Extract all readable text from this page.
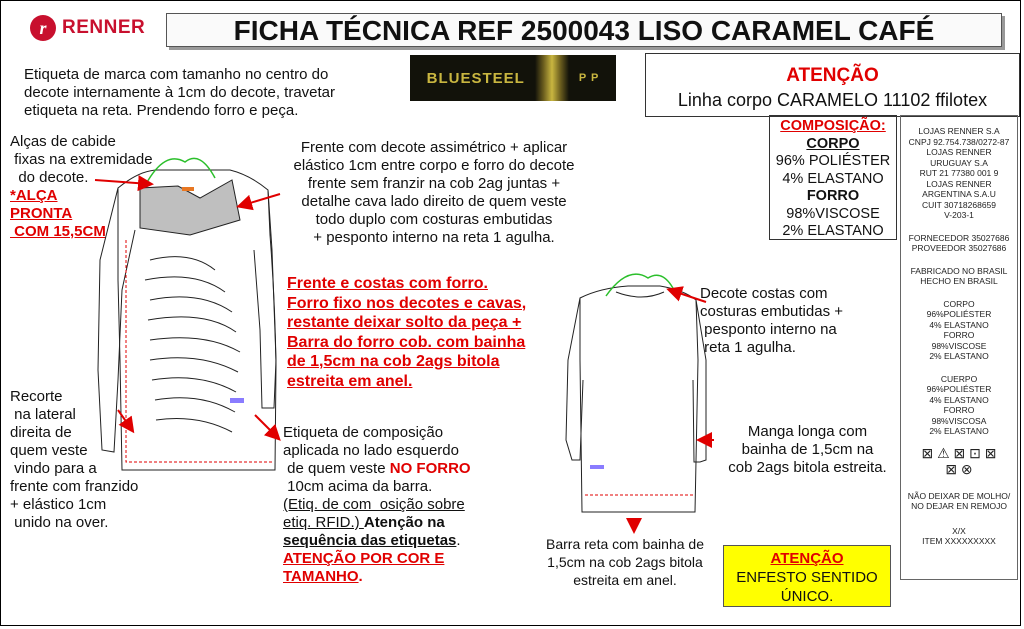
r RENNER	FICHA TÉCNICA REF 2500043 LISO CARAMEL CAFÉ
Etiqueta de marca com tamanho no centro do
decote internamente à 1cm do decote, travetar
etiqueta na reta. Prendendo forro e peça.
BLUESTEEL	P P	ATENÇÃO
Linha corpo CARAMELO 11102 ffilotex
COMPOSIÇÃO:
CORPO
96% POLIÉSTER
4% ELASTANO
FORRO
98%VISCOSE
2% ELASTANO
LOJAS RENNER S.A
CNPJ 92.754.738/0272-87
LOJAS RENNER
URUGUAY S.A
RUT 21 77380 001 9
LOJAS RENNER
ARGENTINA S.A.U
CUIT 30718268659
V-203-1
FORNECEDOR 35027686
PROVEEDOR 35027686
FABRICADO NO BRASIL
HECHO EN BRASIL
CORPO
96%POLIÉSTER
4% ELASTANO
FORRO
98%VISCOSE
2% ELASTANO
CUERPO
96%POLIÉSTER
4% ELASTANO
FORRO
98%VISCOSA
2% ELASTANO
⊠ ⚠ ⊠ ⊡ ⊠
⊠ ⊗
NÃO DEIXAR DE MOLHO/
NO DEJAR EN REMOJO
X/X
ITEM XXXXXXXXX
Alças de cabide
fixas na extremidade
do decote.
*ALÇA
PRONTA
COM 15,5CM
Frente com decote assimétrico + aplicar
elástico 1cm entre corpo e forro do decote
frente sem franzir na cob 2ag juntas +
detalhe cava lado direito de quem veste
todo duplo com costuras embutidas
+ pesponto interno na reta 1 agulha.
Frente e costas com forro.
Forro fixo nos decotes e cavas,
restante deixar solto da peça +
Barra do forro cob. com bainha
de 1,5cm na cob 2ags bitola
estreita em anel.
Recorte
na lateral
direita de
quem veste
vindo para a
frente com franzido
+ elástico 1cm
unido na over.
Etiqueta de composição
aplicada no lado esquerdo
de quem veste NO FORRO
10cm acima da barra.
(Etiq. de com  osição sobre
etiq. RFID.) Atenção na
sequência das etiquetas.
ATENÇÃO POR COR E
TAMANHO.
Decote costas com
costuras embutidas +
pesponto interno na
reta 1 agulha.
Manga longa com
bainha de 1,5cm na
cob 2ags bitola estreita.
Barra reta com bainha de
1,5cm na cob 2ags bitola
estreita em anel.
ATENÇÃO
ENFESTO SENTIDO
ÚNICO.
